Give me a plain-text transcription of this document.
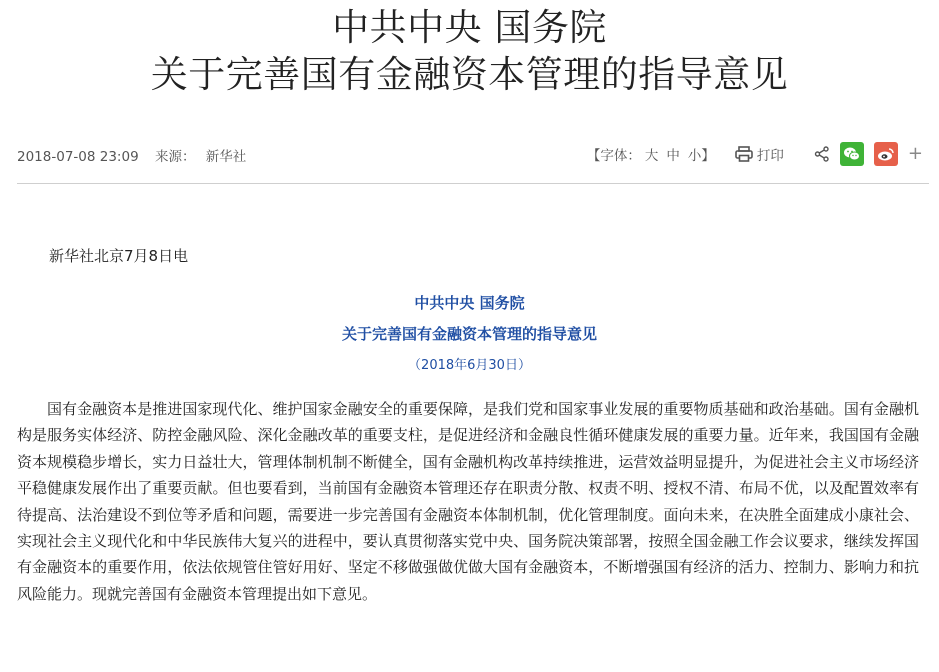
中共中央 国务院
关于完善国有金融资本管理的指导意见
2018-07-08 23:09 来源： 新华社	【字体： 大 中 小】	打印	+
新华社北京7月8日电
中共中央 国务院
关于完善国有金融资本管理的指导意见
（2018年6月30日）

国有金融资本是推进国家现代化、维护国家金融安全的重要保障，是我们党和国家事业发展的重要物质基础和政治基础。国有金融机构是服务实体经济、防控金融风险、深化金融改革的重要支柱，是促进经济和金融良性循环健康发展的重要力量。近年来，我国国有金融资本规模稳步增长，实力日益壮大，管理体制机制不断健全，国有金融机构改革持续推进，运营效益明显提升，为促进社会主义市场经济平稳健康发展作出了重要贡献。但也要看到，当前国有金融资本管理还存在职责分散、权责不明、授权不清、布局不优，以及配置效率有待提高、法治建设不到位等矛盾和问题，需要进一步完善国有金融资本体制机制，优化管理制度。面向未来，在决胜全面建成小康社会、实现社会主义现代化和中华民族伟大复兴的进程中，要认真贯彻落实党中央、国务院决策部署，按照全国金融工作会议要求，继续发挥国有金融资本的重要作用，依法依规管住管好用好、坚定不移做强做优做大国有金融资本，不断增强国有经济的活力、控制力、影响力和抗风险能力。现就完善国有金融资本管理提出如下意见。
